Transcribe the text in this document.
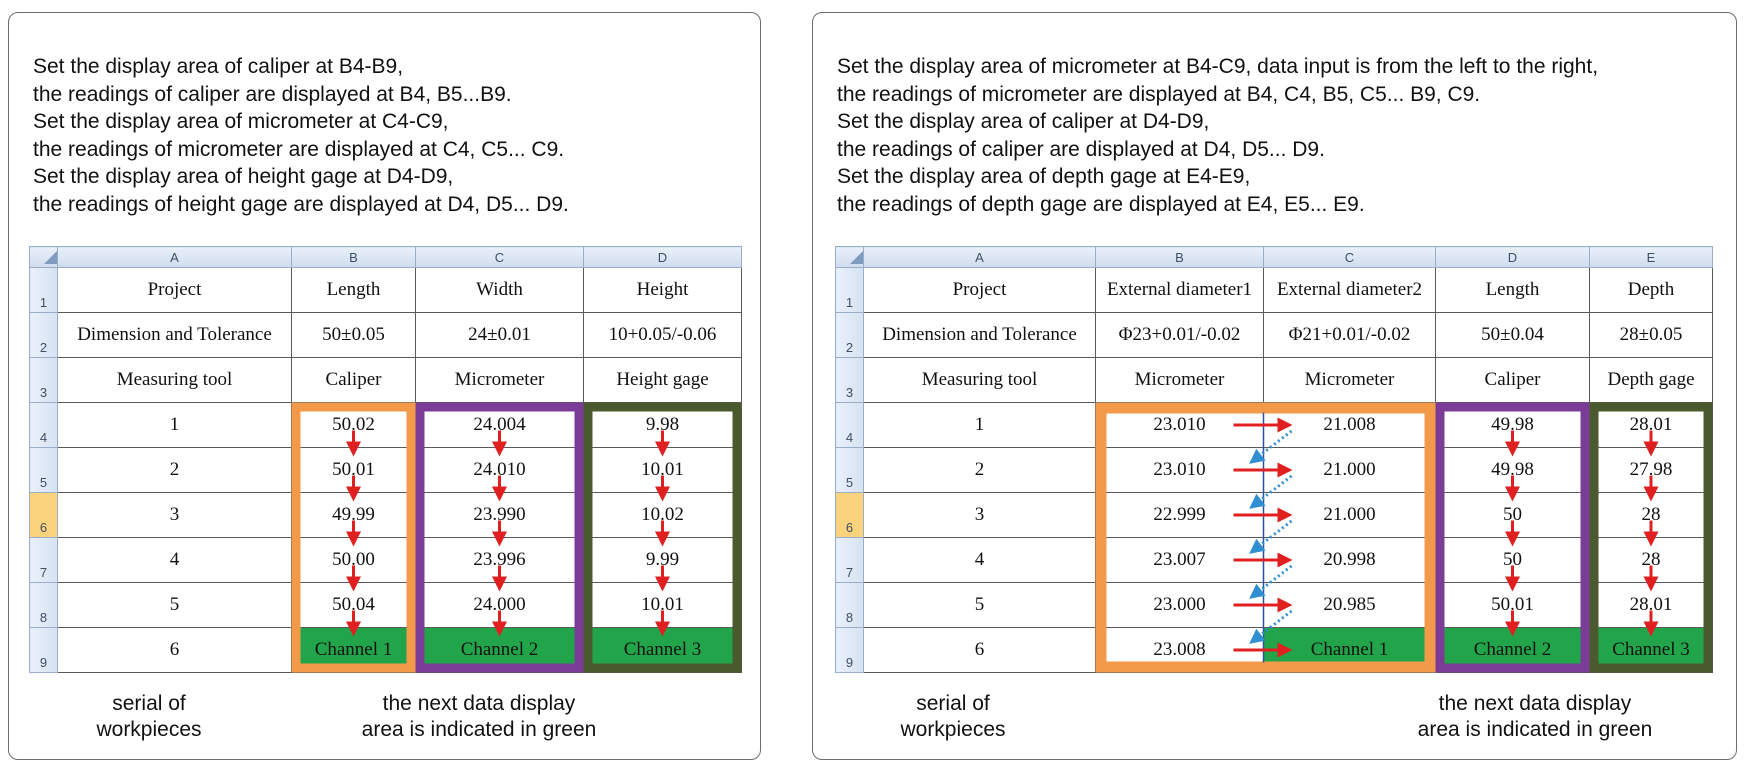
Set the display area of caliper at B4-B9,
the readings of caliper are displayed at B4, B5...B9.
Set the display area of micrometer at C4-C9,
the readings of micrometer are displayed at C4, C5... C9.
Set the display area of height gage at D4-D9,
the readings of height gage are displayed at D4, D5... D9.
	A	B	C	D
1	Project	Length	Width	Height
2	Dimension and Tolerance	50±0.05	24±0.01	10+0.05/-0.06
3	Measuring tool	Caliper	Micrometer	Height gage
4	1	50.02	24.004	9.98
5	2	50.01	24.010	10.01
6	3	49.99	23.990	10.02
7	4	50.00	23.996	9.99
8	5	50.04	24.000	10.01
9	6	Channel 1	Channel 2	Channel 3
serial of
workpieces
the next data display
area is indicated in green
Set the display area of micrometer at B4-C9, data input is from the left to the right,
the readings of micrometer are displayed at B4, C4, B5, C5... B9, C9.
Set the display area of caliper at D4-D9,
the readings of caliper are displayed at D4, D5... D9.
Set the display area of depth gage at E4-E9,
the readings of depth gage are displayed at E4, E5... E9.
	A	B	C	D	E
1	Project	External diameter1	External diameter2	Length	Depth
2	Dimension and Tolerance	Φ23+0.01/-0.02	Φ21+0.01/-0.02	50±0.04	28±0.05
3	Measuring tool	Micrometer	Micrometer	Caliper	Depth gage
4	1	23.010	21.008	49.98	28.01
5	2	23.010	21.000	49.98	27.98
6	3	22.999	21.000	50	28
7	4	23.007	20.998	50	28
8	5	23.000	20.985	50.01	28.01
9	6	23.008	Channel 1	Channel 2	Channel 3
serial of
workpieces
the next data display
area is indicated in green
